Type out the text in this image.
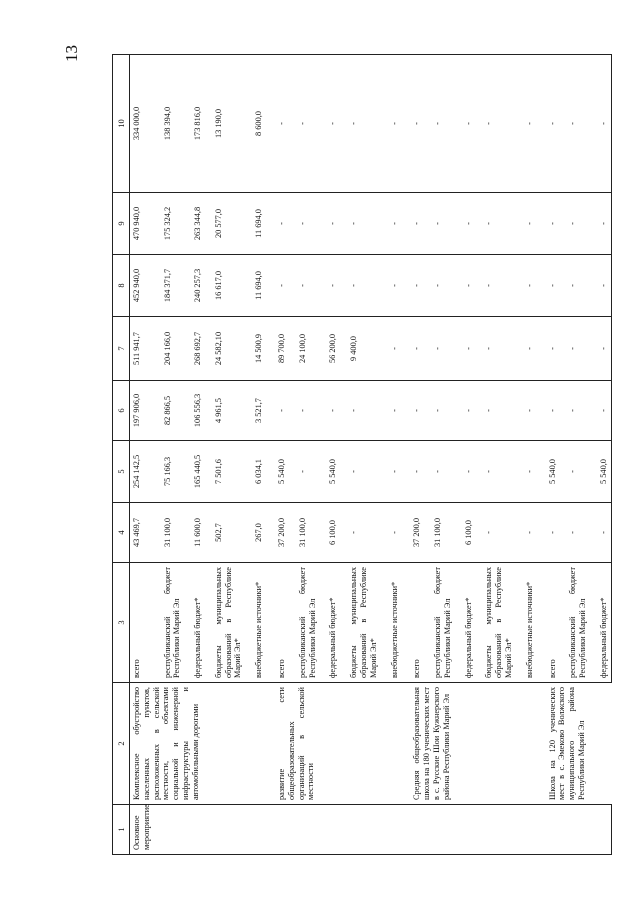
13
1	2	3	4	5	6	7	8	9	10
Основное мероприятие	Комплексное обустройство населенных пунктов, расположенных в сельской местности, объектами социальной и инженерной инфраструктуры и автомобильными дорогами	всего	43 469,7	254 142,5	197 906,0	511 941,7	452 940,0	470 940,0	334 000,0
		республиканский бюджет Республики Марий Эл	31 100,0	75 166,3	82 866,5	204 166,0	184 371,7	175 324,2	138 394,0
		федеральный бюджет*	11 600,0	165 440,5	106 556,3	268 692,7	240 257,3	263 344,8	173 816,0
		бюджеты муниципальных образований в Республике Марий Эл*	502,7	7 501,6	4 961,5	24 582,10	16 617,0	20 577,0	13 190,0
		внебюджетные источники*	267,0	6 034,1	3 521,7	14 500,9	11 694,0	11 694,0	8 600,0
	развитие сети общеобразовательных организаций в сельской местности	всего	37 200,0	5 540,0	-	89 700,0	-	-	-
		республиканский бюджет Республики Марий Эл	31 100,0	-	-	24 100,0	-	-	-
		федеральный бюджет*	6 100,0	5 540,0	-	56 200,0	-	-	-
		бюджеты муниципальных образований в Республике Марий Эл*	-	-	-	9 400,0	-	-	-
		внебюджетные источники*	-	-	-	-	-	-	-
	Средняя общеобразовательная школа на 180 ученических мест в с. Русские Шои Кужнерского района Республики Марий Эл	всего	37 200,0	-	-	-	-	-	-
		республиканский бюджет Республики Марий Эл	31 100,0	-	-	-	-	-	-
		федеральный бюджет*	6 100,0	-	-	-	-	-	-
		бюджеты муниципальных образований в Республике Марий Эл*	-	-	-	-	-	-	-
		внебюджетные источники*	-	-	-	-	-	-	-
	Школа на 120 ученических мест в с. Эмеково Волжского муниципального района Республики Марий Эл	всего	-	5 540,0	-	-	-	-	-
		республиканский бюджет Республики Марий Эл	-	-	-	-	-	-	-
		федеральный бюджет*	-	5 540,0	-	-	-	-	-
